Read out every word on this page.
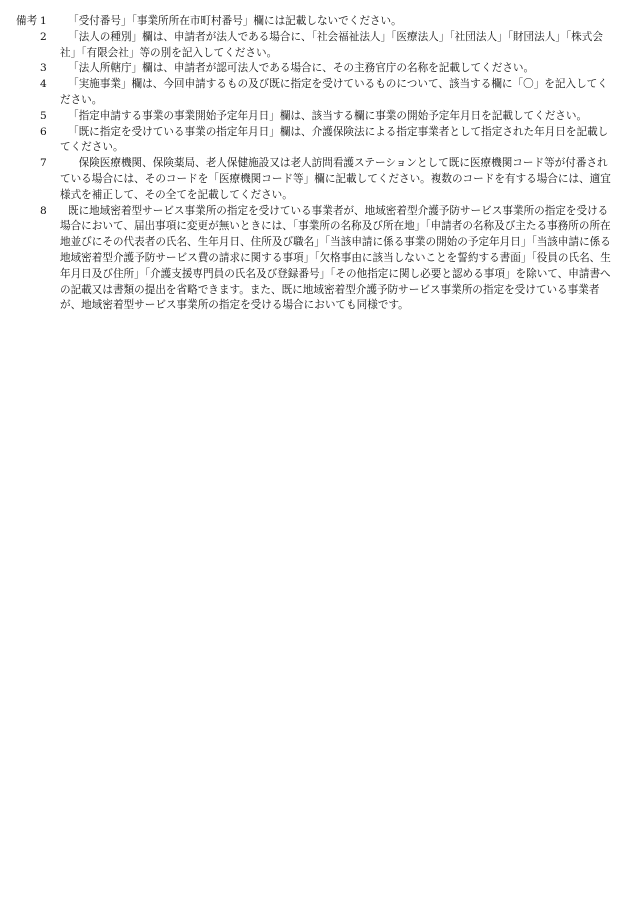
備考 1	「受付番号」「事業所所在市町村番号」欄には記載しないでください。
2	「法人の種別」欄は、申請者が法人である場合に、「社会福祉法人」「医療法人」「社団法人」「財団法人」「株式会社」「有限会社」等の別を記入してください。
3	「法人所轄庁」欄は、申請者が認可法人である場合に、その主務官庁の名称を記載してください。
4	「実施事業」欄は、今回申請するもの及び既に指定を受けているものについて、該当する欄に「〇」を記入してください。
5	「指定申請する事業の事業開始予定年月日」欄は、該当する欄に事業の開始予定年月日を記載してください。
6	「既に指定を受けている事業の指定年月日」欄は、介護保険法による指定事業者として指定された年月日を記載してください。
7	　保険医療機関、保険薬局、老人保健施設又は老人訪問看護ステーションとして既に医療機関コード等が付番されている場合には、そのコードを「医療機関コード等」欄に記載してください。複数のコードを有する場合には、適宜様式を補正して、その全てを記載してください。
8	既に地域密着型サービス事業所の指定を受けている事業者が、地域密着型介護予防サービス事業所の指定を受ける場合において、届出事項に変更が無いときには、「事業所の名称及び所在地」「申請者の名称及び主たる事務所の所在地並びにその代表者の氏名、生年月日、住所及び職名」「当該申請に係る事業の開始の予定年月日」「当該申請に係る地域密着型介護予防サービス費の請求に関する事項」「欠格事由に該当しないことを誓約する書面」「役員の氏名、生年月日及び住所」「介護支援専門員の氏名及び登録番号」「その他指定に関し必要と認める事項」を除いて、申請書への記載又は書類の提出を省略できます。また、既に地域密着型介護予防サービス事業所の指定を受けている事業者が、地域密着型サービス事業所の指定を受ける場合においても同様です。
